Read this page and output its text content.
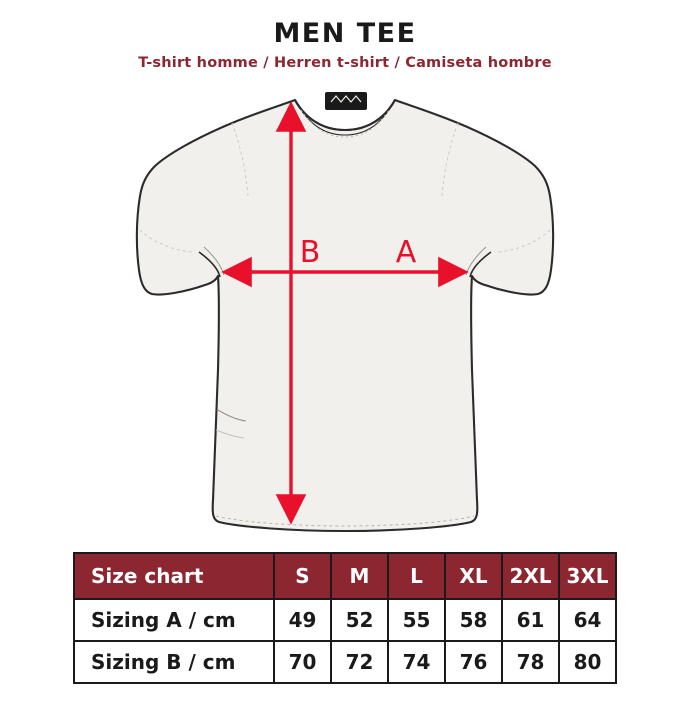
MEN TEE
T-shirt homme / Herren t-shirt / Camiseta hombre
A
B
Size chart	S	M	L	XL	2XL	3XL
Sizing A / cm	49	52	55	58	61	64
Sizing B / cm	70	72	74	76	78	80
